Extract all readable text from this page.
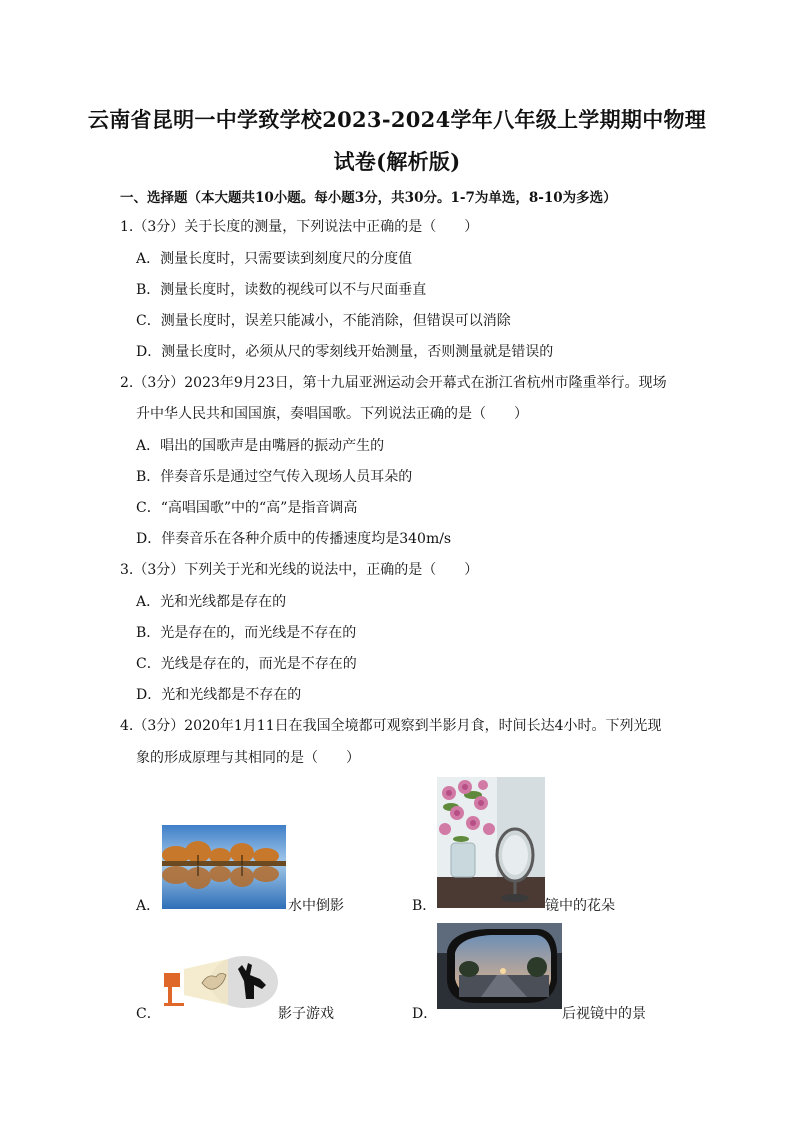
云南省昆明一中学致学校2023-2024学年八年级上学期期中物理
试卷(解析版)
一、选择题（本大题共10小题。每小题3分，共30分。1-7为单选，8-10为多选）
1.（3分）关于长度的测量，下列说法中正确的是（　　）
A．测量长度时，只需要读到刻度尺的分度值
B．测量长度时，读数的视线可以不与尺面垂直
C．测量长度时，误差只能减小，不能消除，但错误可以消除
D．测量长度时，必须从尺的零刻线开始测量，否则测量就是错误的
2.（3分）2023年9月23日，第十九届亚洲运动会开幕式在浙江省杭州市隆重举行。现场
升中华人民共和国国旗，奏唱国歌。下列说法正确的是（　　）
A．唱出的国歌声是由嘴唇的振动产生的
B．伴奏音乐是通过空气传入现场人员耳朵的
C．“高唱国歌”中的“高”是指音调高
D．伴奏音乐在各种介质中的传播速度均是340m/s
3.（3分）下列关于光和光线的说法中，正确的是（　　）
A．光和光线都是存在的
B．光是存在的，而光线是不存在的
C．光线是存在的，而光是不存在的
D．光和光线都是不存在的
4.（3分）2020年1月11日在我国全境都可观察到半影月食，时间长达4小时。下列光现
象的形成原理与其相同的是（　　）
A．	水中倒影	B．	镜中的花朵
C．	影子游戏	D．	后视镜中的景
